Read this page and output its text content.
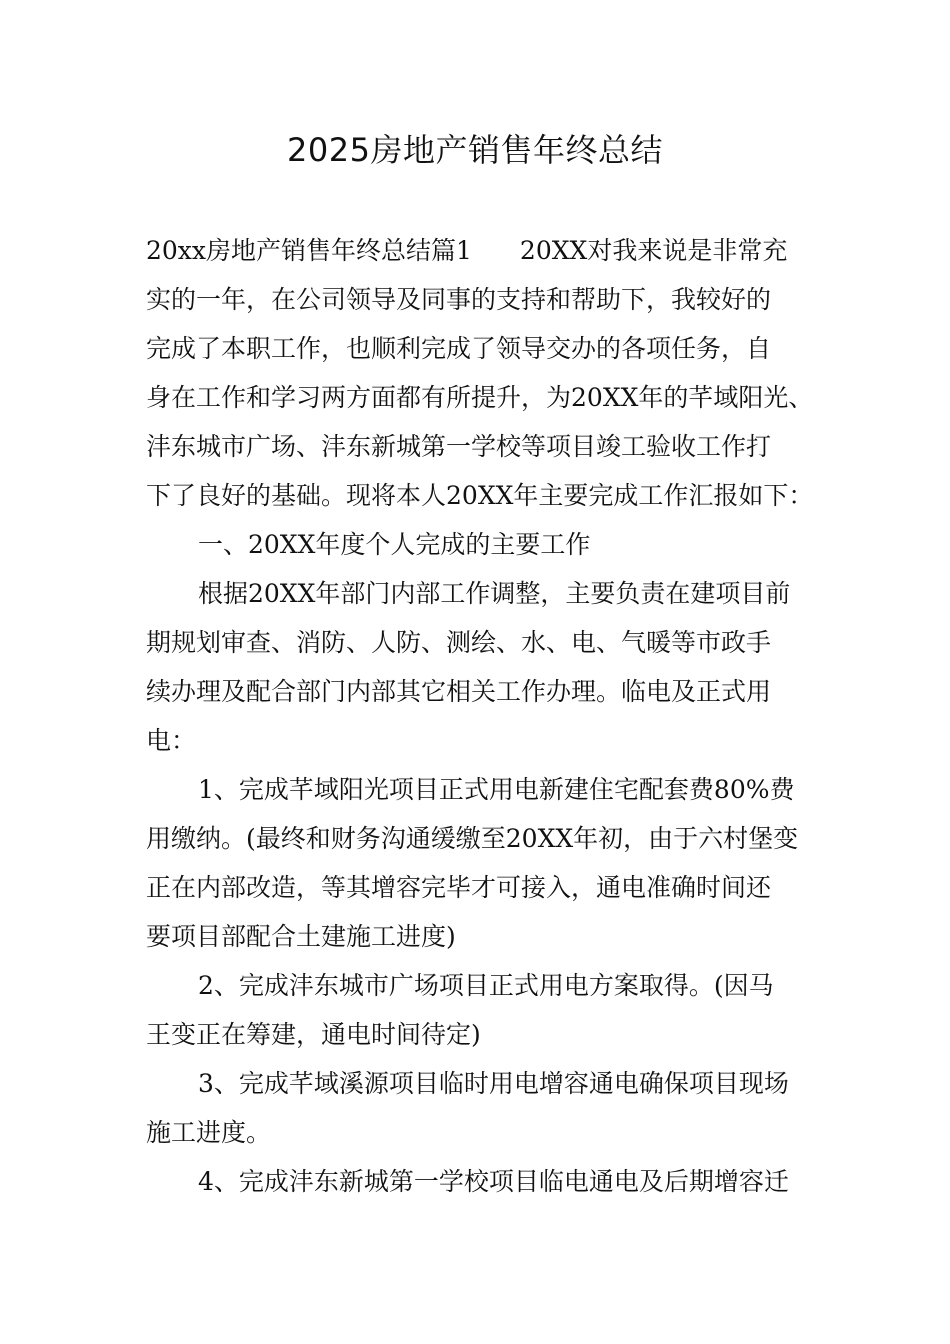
2025房地产销售年终总结
20xx房地产销售年终总结篇1 20XX对我来说是非常充
实的一年，在公司领导及同事的支持和帮助下，我较好的
完成了本职工作，也顺利完成了领导交办的各项任务，自
身在工作和学习两方面都有所提升，为20XX年的芊域阳光、
沣东城市广场、沣东新城第一学校等项目竣工验收工作打
下了良好的基础。现将本人20XX年主要完成工作汇报如下：
一、20XX年度个人完成的主要工作
根据20XX年部门内部工作调整，主要负责在建项目前
期规划审查、消防、人防、测绘、水、电、气暖等市政手
续办理及配合部门内部其它相关工作办理。临电及正式用
电：
1、完成芊域阳光项目正式用电新建住宅配套费80%费
用缴纳。(最终和财务沟通缓缴至20XX年初，由于六村堡变
正在内部改造，等其增容完毕才可接入，通电准确时间还
要项目部配合土建施工进度)
2、完成沣东城市广场项目正式用电方案取得。(因马
王变正在筹建，通电时间待定)
3、完成芊域溪源项目临时用电增容通电确保项目现场
施工进度。
4、完成沣东新城第一学校项目临电通电及后期增容迁
